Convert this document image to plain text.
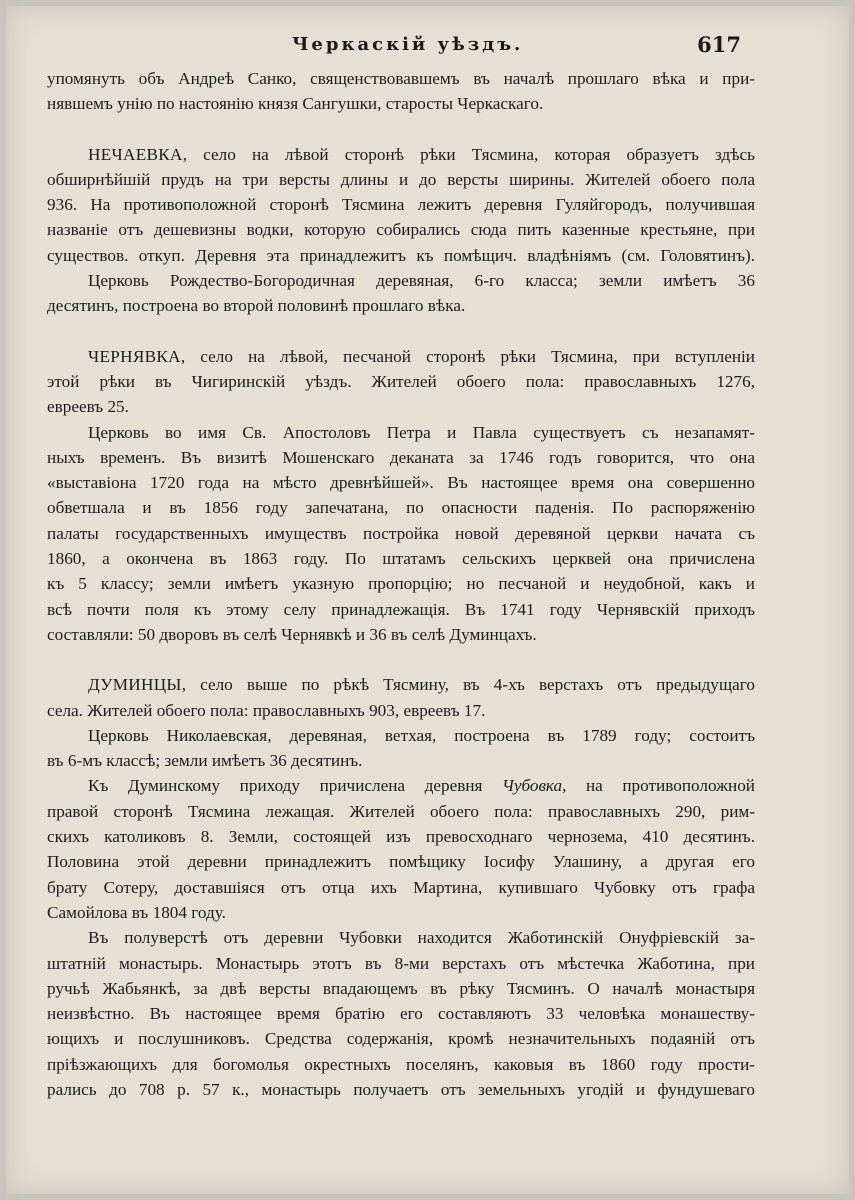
Черкаскій уѣздъ.	617
упомянуть объ Андреѣ Санко, священствовавшемъ въ началѣ прошлаго вѣка и при-
нявшемъ унію по настоянію князя Сангушки, старосты Черкаскаго.
НЕЧАЕВКА, село на лѣвой сторонѣ рѣки Тясмина, которая образуетъ здѣсь
обширнѣйшій прудъ на три версты длины и до версты ширины. Жителей обоего пола
936. На противоположной сторонѣ Тясмина лежитъ деревня Гуляйгородъ, получившая
названіе отъ дешевизны водки, которую собирались сюда пить казенные крестьяне, при
существов. откуп. Деревня эта принадлежитъ къ помѣщич. владѣніямъ (см. Головятинъ).
Церковь Рождество-Богородичная деревяная, 6-го класса; земли имѣетъ 36
десятинъ, построена во второй половинѣ прошлаго вѣка.
ЧЕРНЯВКА, село на лѣвой, песчаной сторонѣ рѣки Тясмина, при вступленіи
этой рѣки въ Чигиринскій уѣздъ. Жителей обоего пола: православныхъ 1276,
евреевъ 25.
Церковь во имя Св. Апостоловъ Петра и Павла существуетъ съ незапамят-
ныхъ временъ. Въ визитѣ Мошенскаго деканата за 1746 годъ говорится, что она
«выставіона 1720 года на мѣсто древнѣйшей». Въ настоящее время она совершенно
обветшала и въ 1856 году запечатана, по опасности паденія. По распоряженію
палаты государственныхъ имуществъ постройка новой деревяной церкви начата съ
1860, а окончена въ 1863 году. По штатамъ сельскихъ церквей она причислена
къ 5 классу; земли имѣетъ указную пропорцію; но песчаной и неудобной, какъ и
всѣ почти поля къ этому селу принадлежащія. Въ 1741 году Чернявскій приходъ
составляли: 50 дворовъ въ селѣ Чернявкѣ и 36 въ селѣ Думинцахъ.
ДУМИНЦЫ, село выше по рѣкѣ Тясмину, въ 4-хъ верстахъ отъ предыдущаго
села. Жителей обоего пола: православныхъ 903, евреевъ 17.
Церковь Николаевская, деревяная, ветхая, построена въ 1789 году; состоитъ
въ 6-мъ классѣ; земли имѣетъ 36 десятинъ.
Къ Думинскому приходу причислена деревня Чубовка, на противоположной
правой сторонѣ Тясмина лежащая. Жителей обоего пола: православныхъ 290, рим-
скихъ католиковъ 8. Земли, состоящей изъ превосходнаго чернозема, 410 десятинъ.
Половина этой деревни принадлежитъ помѣщику Іосифу Улашину, а другая его
брату Сотеру, доставшіяся отъ отца ихъ Мартина, купившаго Чубовку отъ графа
Самойлова въ 1804 году.
Въ полуверстѣ отъ деревни Чубовки находится Жаботинскій Онуфріевскій за-
штатній монастырь. Монастырь этотъ въ 8-ми верстахъ отъ мѣстечка Жаботина, при
ручьѣ Жабьянкѣ, за двѣ версты впадающемъ въ рѣку Тясминъ. О началѣ монастыря
неизвѣстно. Въ настоящее время братію его составляютъ 33 человѣка монашеству-
ющихъ и послушниковъ. Средства содержанія, кромѣ незначительныхъ подаяній отъ
пріѣзжающихъ для богомолья окрестныхъ поселянъ, каковыя въ 1860 году прости-
рались до 708 р. 57 к., монастырь получаетъ отъ земельныхъ угодій и фундушеваго
